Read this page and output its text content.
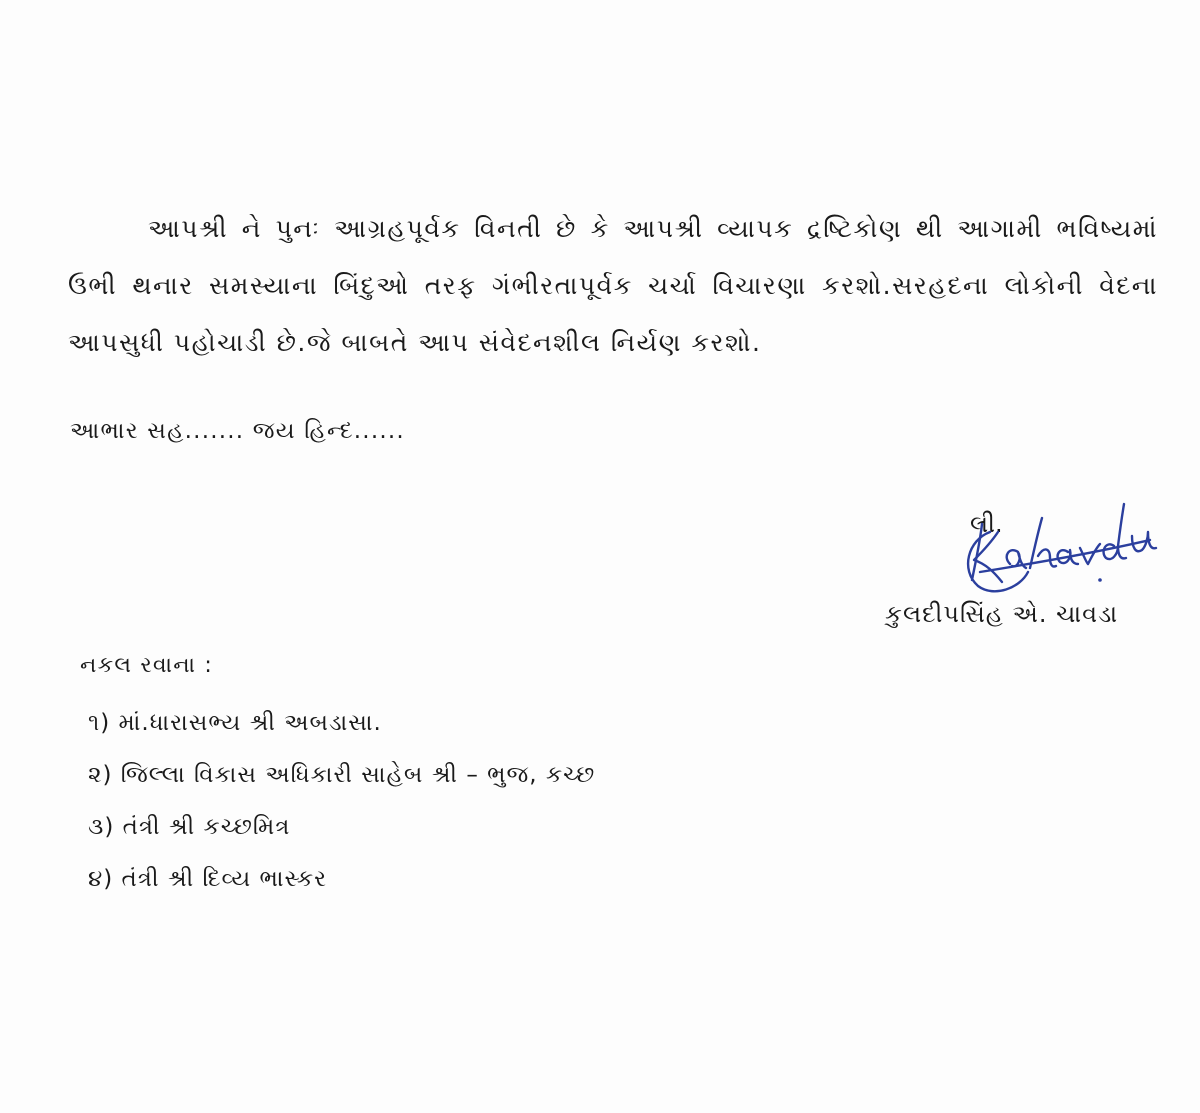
આપશ્રી ને પુનઃ આગ્રહપૂર્વક વિનતી છે કે આપશ્રી વ્યાપક દ્રષ્ટિકોણ થી આગામી ભવિષ્યમાં ઉભી થનાર સમસ્યાના બિંદુઓ તરફ ગંભીરતાપૂર્વક ચર્ચા વિચારણા કરશો.સરહદના લોકોની વેદના આપસુધી પહોચાડી છે.જે બાબતે આપ સંવેદનશીલ નિર્યણ કરશો.

આભાર સહ....... જય હિન્દ......

લી.
કુલદીપસિંહ એ. ચાવડા

નકલ રવાના :

૧) માં.ધારાસભ્ય શ્રી અબડાસા.
૨) જિલ્લા વિકાસ અધિકારી સાહેબ શ્રી – ભુજ, કચ્છ
૩) તંત્રી શ્રી કચ્છમિત્ર
૪) તંત્રી શ્રી દિવ્ય ભાસ્કર
